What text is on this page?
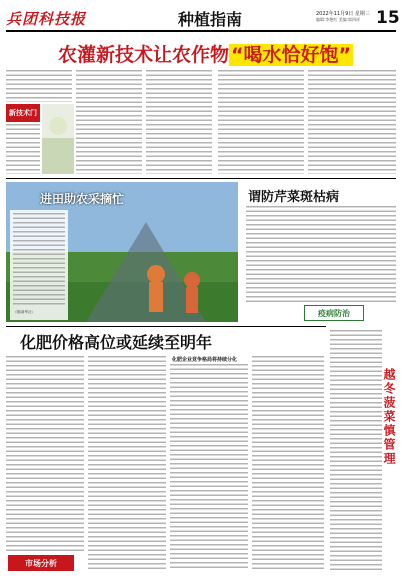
兵团科技报	种植指南	2022年11月9日 星期三
编辑:李艳红 美编:郭四祥 15
农灌新技术让农作物 “喝水恰好饱”
新技术门
进田助农采摘忙
（图/新华社）
谓防芹菜斑枯病
疫病防治
化肥价格高位或延续至明年
化肥企业竞争格局将持续分化
市场分析
越冬菠菜慎管理
